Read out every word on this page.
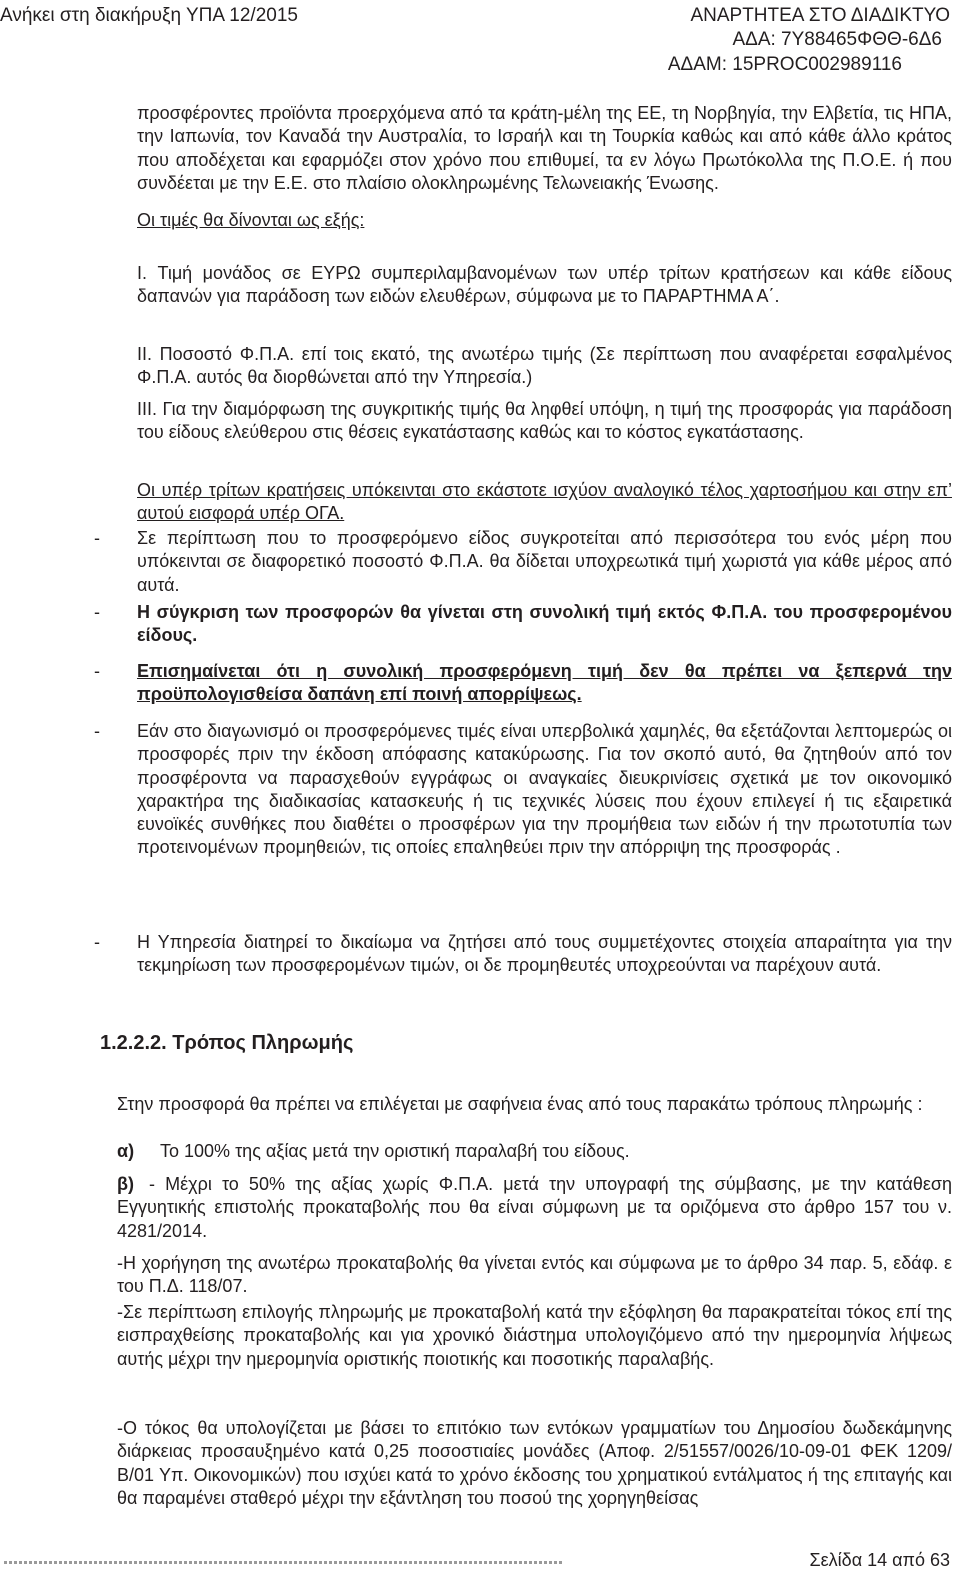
Ανήκει στη διακήρυξη ΥΠΑ 12/2015	ΑΝΑΡΤΗΤΕΑ ΣΤΟ ΔΙΑΔΙΚΤΥΟ
ΑΔΑ: 7Υ88465ΦΘΘ-6Δ6
ΑΔΑΜ: 15PROC002989116
προσφέροντες προϊόντα προερχόμενα από τα κράτη-μέλη της ΕΕ, τη Νορβηγία, την Ελβετία, τις ΗΠΑ, την Ιαπωνία, τον Καναδά την Αυστραλία, το Ισραήλ και τη Τουρκία καθώς και από κάθε άλλο κράτος που αποδέχεται και εφαρμόζει στον χρόνο που επιθυμεί, τα εν λόγω Πρωτόκολλα της Π.Ο.Ε. ή που συνδέεται με την Ε.Ε. στο πλαίσιο ολοκληρωμένης Τελωνειακής Ένωσης.
Οι τιμές θα δίνονται ως εξής:
I. Τιμή μονάδος σε ΕΥΡΩ συμπεριλαμβανομένων των υπέρ τρίτων κρατήσεων και κάθε είδους δαπανών για παράδοση των ειδών ελευθέρων, σύμφωνα με το ΠΑΡΑΡΤΗΜΑ Α΄.
II. Ποσοστό Φ.Π.Α. επί τοις εκατό, της ανωτέρω τιμής (Σε περίπτωση που αναφέρεται εσφαλμένος Φ.Π.Α. αυτός θα διορθώνεται από την Υπηρεσία.)
III. Για την διαμόρφωση της συγκριτικής τιμής θα ληφθεί υπόψη, η τιμή της προσφοράς για παράδοση του είδους ελεύθερου στις θέσεις εγκατάστασης καθώς και το κόστος εγκατάστασης.
Οι υπέρ τρίτων κρατήσεις υπόκεινται στο εκάστοτε ισχύον αναλογικό τέλος χαρτοσήμου και στην επ’ αυτού εισφορά υπέρ ΟΓΑ.
- Σε περίπτωση που το προσφερόμενο είδος συγκροτείται από περισσότερα του ενός μέρη που υπόκεινται σε διαφορετικό ποσοστό Φ.Π.Α. θα δίδεται υποχρεωτικά τιμή χωριστά για κάθε μέρος από αυτά.
- Η σύγκριση των προσφορών θα γίνεται στη συνολική τιμή εκτός Φ.Π.Α. του προσφερομένου είδους.
- Επισημαίνεται ότι η συνολική προσφερόμενη τιμή δεν θα πρέπει να ξεπερνά την προϋπολογισθείσα δαπάνη επί ποινή απορρίψεως.
- Εάν στο διαγωνισμό οι προσφερόμενες τιμές είναι υπερβολικά χαμηλές, θα εξετάζονται λεπτομερώς οι προσφορές πριν την έκδοση απόφασης κατακύρωσης. Για τον σκοπό αυτό, θα ζητηθούν από τον προσφέροντα να παρασχεθούν εγγράφως οι αναγκαίες διευκρινίσεις σχετικά με τον οικονομικό χαρακτήρα της διαδικασίας κατασκευής ή τις τεχνικές λύσεις που έχουν επιλεγεί ή τις εξαιρετικά ευνοϊκές συνθήκες που διαθέτει ο προσφέρων για την προμήθεια των ειδών ή την πρωτοτυπία των προτεινομένων προμηθειών, τις οποίες επαληθεύει πριν την απόρριψη της προσφοράς .
- Η Υπηρεσία διατηρεί το δικαίωμα να ζητήσει από τους συμμετέχοντες στοιχεία απαραίτητα για την τεκμηρίωση των προσφερομένων τιμών, οι δε προμηθευτές υποχρεούνται να παρέχουν αυτά.
1.2.2.2. Τρόπος Πληρωμής
Στην προσφορά θα πρέπει να επιλέγεται με σαφήνεια ένας από τους παρακάτω τρόπους πληρωμής :
α) Το 100% της αξίας μετά την οριστική παραλαβή του είδους.
β) - Μέχρι το 50% της αξίας χωρίς Φ.Π.Α. μετά την υπογραφή της σύμβασης, με την κατάθεση Εγγυητικής επιστολής προκαταβολής που θα είναι σύμφωνη με τα οριζόμενα στο άρθρο 157 του ν. 4281/2014.
-Η χορήγηση της ανωτέρω προκαταβολής θα γίνεται εντός και σύμφωνα με το άρθρο 34 παρ. 5, εδάφ. ε του Π.Δ. 118/07.
-Σε περίπτωση επιλογής πληρωμής με προκαταβολή κατά την εξόφληση θα παρακρατείται τόκος επί της εισπραχθείσης προκαταβολής και για χρονικό διάστημα υπολογιζόμενο από την ημερομηνία λήψεως αυτής μέχρι την ημερομηνία οριστικής ποιοτικής και ποσοτικής παραλαβής.
-Ο τόκος θα υπολογίζεται με βάσει το επιτόκιο των εντόκων γραμματίων του Δημοσίου δωδεκάμηνης διάρκειας προσαυξημένο κατά 0,25 ποσοστιαίες μονάδες (Αποφ. 2/51557/0026/10-09-01 ΦΕΚ 1209/Β/01 Υπ. Οικονομικών) που ισχύει κατά το χρόνο έκδοσης του χρηματικού εντάλματος ή της επιταγής και θα παραμένει σταθερό μέχρι την εξάντληση του ποσού της χορηγηθείσας
Σελίδα 14 από 63
